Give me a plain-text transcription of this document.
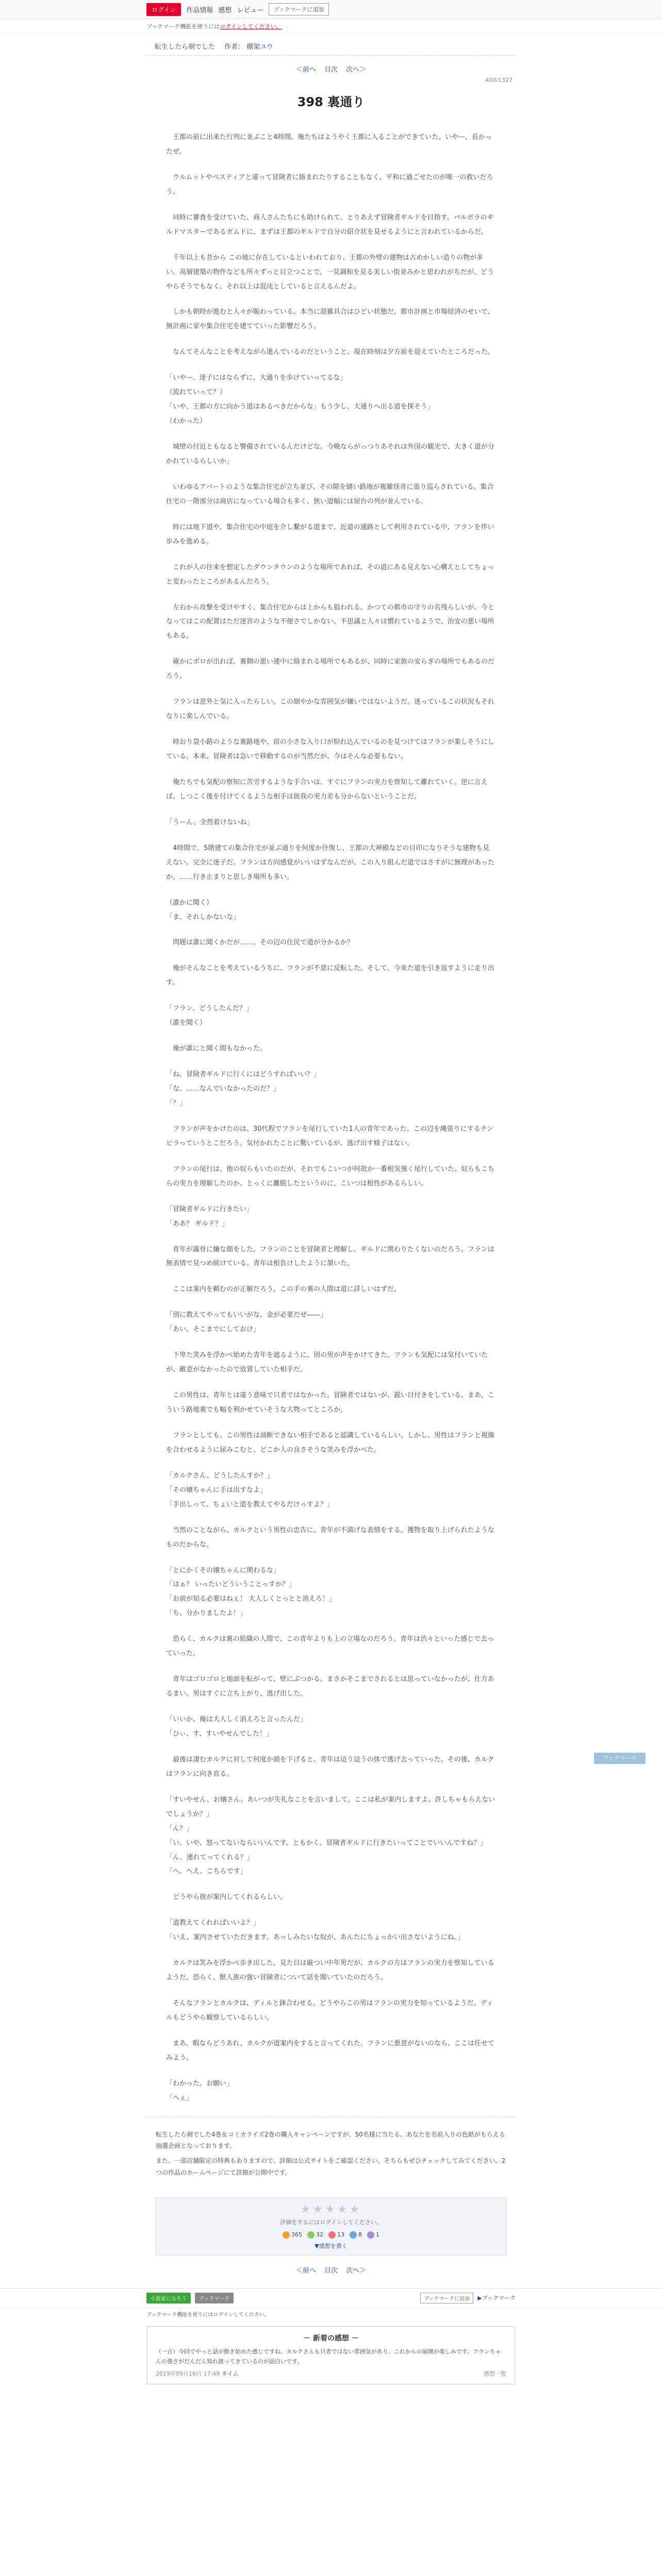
ログイン	作品情報 感想 レビュー	ブックマークに追加
ブックマーク機能を使うにはログインしてください。
転生したら剣でした 作者： 棚架ユウ
＜前へ 目次 次へ＞
400/1327
398 裏通り

王都の前に出来た行列に並ぶこと4時間。俺たちはようやく王都に入ることができていた。いやー、長かったぜ。

ウルムットやベスティアと違って冒険者に絡まれたりすることもなく、平和に過ごせたのが唯一の救いだろう。

同時に審査を受けていた、商人さんたちにも助けられて、とりあえず冒険者ギルドを目指す。バルボラのギルドマスターであるガムドに、まずは王都のギルドで自分の紹介状を見せるようにと言われているからだ。

千年以上も昔から この地に存在しているといわれており、王都の外壁の建物は古めかしい造りの物が多い。高層建築の物件なども所々ずっと目立つことで、一見調和を見る美しい街並みかと思われがちだが、どうやらそうでもなく、それ以上は混沌としていると言えるんだよ。

しかも朝時が進むと人々が賑わっている。本当に混雑具合はひどい状態だ。都市計画と市場経済のせいで、無計画に家や集合住宅を建てていった影響だろう。

なんてそんなことを考えながら進んでいるのだということ、現在時刻は夕方前を迎えていたところだった。

「いやー、迷子にはならずに、大通りを歩けていってるな」
（流れていって？）
「いや、王都の方に向かう道はあるべきだからな」もう少し、大通りへ出る道を探そう」
（わかった）

城壁の付近ともなると警備されているんだけどな。今晩ならがっつりあそれは外国の観光で、大きく道が分かれているらしいか」

いわゆるアパートのような集合住宅が立ち並び、その隙を縫い路地が複雑怪奇に張り巡らされている。集合住宅の一階部分は商店になっている場合も多く、狭い道幅には屋台の列が並んでいる。

時には地下道や、集合住宅の中庭を介し繋がる道まで、近道の通路として利用されている中、フランを伴い歩みを進める。

これが人の往来を想定したダウンタウンのような場所であれば、その道にある見えない心構えとしてちょっと変わったところがあるんだろう。

左右から攻撃を受けやすく、集合住宅からは上からも狙われる。かつての都市の守りの名残らしいが、今となってはこの配置はただ迷宮のような不便さでしかない。不思議と人々は慣れているようで、治安の悪い場所もある。

確かにボロが出れば、裏側の悪い連中に絡まれる場所でもあるが、同時に家族の安らぎの場所でもあるのだろう。

フランは意外と気に入ったらしい。この細やかな雰囲気が嫌いではないようだ。迷っているこの状況もそれなりに楽しんでいる。

時おり袋小路のような裏路地や、宿の小さな入り口が紛れ込んでいるのを見つけてはフランが楽しそうにしている。本来、冒険者は急いで移動するのが当然だが、今はそんな必要もない。

俺たちでも気配の察知に苦労するような手合いは、すぐにフランの実力を察知して離れていく。逆に言えば、しつこく後を付けてくるような相手は彼我の実力差も分からないということだ。

「うーん、全然着けないね」

4時間で、5階建ての集合住宅が並ぶ通りを何度か往復し、王都の大神殿などの目印になりそうな建物も見えない。完全に迷子だ。フランは方向感覚がいいはずなんだが、この入り組んだ道ではさすがに無理があったか。……行き止まりと思しき場所も多い。

（誰かに聞く）
「ま、それしかないな」

問題は誰に聞くかだが……。その辺の住民で道が分かるか？

俺がそんなことを考えているうちに、フランが不意に反転した。そして、今来た道を引き返すように走り出す。

「フラン、どうしたんだ？」
（誰を聞く）

俺が誰にと聞く間もなかった。

「ね、冒険者ギルドに行くにはどうすればいい？」
「な、……なんでいなかったのだ？」
「？」

フランが声をかけたのは、30代程でフランを尾行していた1人の青年であった。この辺を縄張りにするチンピラっていうとこだろう。気付かれたことに驚いているが、逃げ出す様子はない。

フランの尾行は、他の奴らもいたのだが、それでもこいつが何故か一番根気強く尾行していた。奴らもこちらの実力を理解したのか、とっくに離脱したというのに、こいつは根性があるらしい。

「冒険者ギルドに行きたい」
「ああ？ ギルド？」

青年が露骨に嫌な顔をした。フランのことを冒険者と理解し、ギルドに関わりたくないのだろう。フランは無表情で見つめ続けている。青年は根負けしたように頷いた。

ここは案内を頼むのが正解だろう。この手の裏の人間は道に詳しいはずだ。

「別に教えてやってもいいがな。金が必要だぜ――」
「あい、そこまでにしておけ」

下卑た笑みを浮かべ始めた青年を遮るように、別の男が声をかけてきた。フランも気配には気付いていたが、敵意がなかったので放置していた相手だ。

この男性は、青年とは違う意味で只者ではなかった。冒険者ではないが、鋭い目付きをしている。まあ、こういう路地裏でも幅を利かせていそうな大物ってところか。

フランとしても、この男性は油断できない相手であると認識しているらしい。しかし、男性はフランと視線を合わせるように屈みこむと、どこか人の良さそうな笑みを浮かべた。

「カルクさん、どうしたんすか？」
「その嬢ちゃんに手は出すなよ」
「手出しって、ちょいと道を教えてやるだけっすよ？」

当然のことながら、カルクという男性の忠告に、青年が不満げな表情をする。獲物を取り上げられたようなものだからな。

「とにかくその嬢ちゃんに関わるな」
「はぁ？ いったいどういうことっすか？」
「お前が知る必要はねぇ！ 大人しくとっとと消えろ！」
「ち、分かりましたよ！」

恐らく、カルクは裏の組織の人間で、この青年よりも上の立場なのだろう。青年は渋々といった感じで去っていった。

青年はゴロゴロと地面を転がって、壁にぶつかる。まさかそこまでされるとは思っていなかったが、仕方あるまい。男はすぐに立ち上がり、逃げ出した。

「いいか、俺は大人しく消えろと言ったんだ」
「ひぃ、す、すいやせんでした！」

最後は凄むカルクに対して何度か頭を下げると、青年は這う這うの体で逃げ去っていった。その後、カルクはフランに向き直る。

「すいやせん、お嬢さん。あいつが失礼なことを言いまして。ここは私が案内しますよ。許しちゃもらえないでしょうか？」
「ん？」
「い、いや、怒ってないならいいんです。ともかく、冒険者ギルドに行きたいってことでいいんですね？」
「ん、連れてってくれる？」
「へ、へえ、こちらです」

どうやら彼が案内してくれるらしい。

「道教えてくれればいいよ？」
「いえ、案内させていただきます。あっしみたいな奴が、あんたにちょっかい出さないようにね。」

カルクは笑みを浮かべ歩き出した。見た目は厳つい中年男だが、カルクの方はフランの実力を察知しているようだ。恐らく、獣人族の強い冒険者について話を聞いていたのだろう。

そんなフランとカルクは、ディルと鉢合わせる。どうやらこの男はフランの実力を知っているようだ。ディルもどうやら観察しているらしい。

まあ、暇ならどうあれ、カルクが道案内をすると言ってくれた。フランに悪意がないのなら、ここは任せてみよう。

「わかった。お願い」
「へぇ」

ブックマーク

転生したら剣でした4巻＆コミカライズ2巻の購入キャンペーンですが、50名様に当たる、あなたを名前入りの色紙がもらえる抽選企画となっております。

また、一部店舗限定の特典もありますので、詳細は公式サイトをご確認ください。そちらもぜひチェックしてみてください。2つの作品のホームページにて詳細が公開中です。

★★★★★
評価をするにはログインしてください。
365 32 13 8 1
▼感想を書く
＜前へ 目次 次へ＞
小説家になろう	ブックマーク	ブックマークに追加	▶ブックマーク
ブックマーク機能を使うにはログインしてください。
－ 新着の感想 －
（一言）今回でやっと話が動き始めた感じですね。カルクさんも只者ではない雰囲気があり、これからの展開が楽しみです。フランちゃんの強さがだんだん知れ渡ってきているのが面白いです。
2019年09月16日 17:49 タイム	感想一覧
